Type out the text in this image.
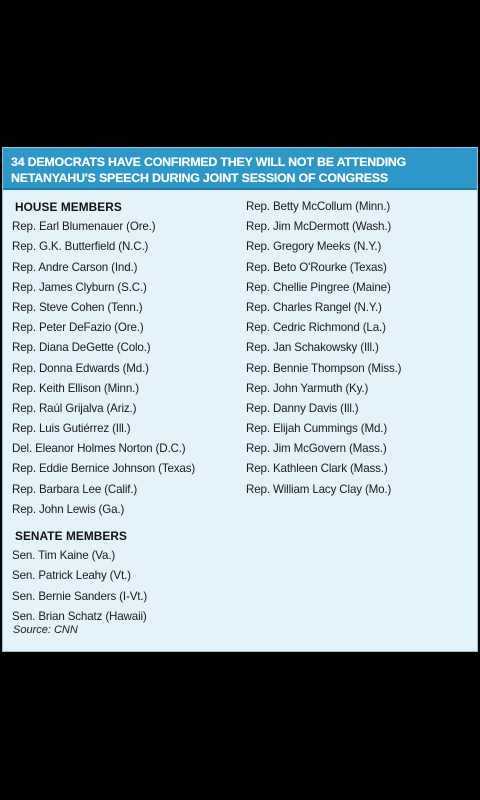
34 DEMOCRATS HAVE CONFIRMED THEY WILL NOT BE ATTENDING
NETANYAHU'S SPEECH DURING JOINT SESSION OF CONGRESS
HOUSE MEMBERS
Rep. Earl Blumenauer (Ore.)
Rep. G.K. Butterfield (N.C.)
Rep. Andre Carson (Ind.)
Rep. James Clyburn (S.C.)
Rep. Steve Cohen (Tenn.)
Rep. Peter DeFazio (Ore.)
Rep. Diana DeGette (Colo.)
Rep. Donna Edwards (Md.)
Rep. Keith Ellison (Minn.)
Rep. Raúl Grijalva (Ariz.)
Rep. Luis Gutiérrez (Ill.)
Del. Eleanor Holmes Norton (D.C.)
Rep. Eddie Bernice Johnson (Texas)
Rep. Barbara Lee (Calif.)
Rep. John Lewis (Ga.)
SENATE MEMBERS
Sen. Tim Kaine (Va.)
Sen. Patrick Leahy (Vt.)
Sen. Bernie Sanders (I-Vt.)
Sen. Brian Schatz (Hawaii)
Source: CNN
Rep. Betty McCollum (Minn.)
Rep. Jim McDermott (Wash.)
Rep. Gregory Meeks (N.Y.)
Rep. Beto O'Rourke (Texas)
Rep. Chellie Pingree (Maine)
Rep. Charles Rangel (N.Y.)
Rep. Cedric Richmond (La.)
Rep. Jan Schakowsky (Ill.)
Rep. Bennie Thompson (Miss.)
Rep. John Yarmuth (Ky.)
Rep. Danny Davis (Ill.)
Rep. Elijah Cummings (Md.)
Rep. Jim McGovern (Mass.)
Rep. Kathleen Clark (Mass.)
Rep. William Lacy Clay (Mo.)
